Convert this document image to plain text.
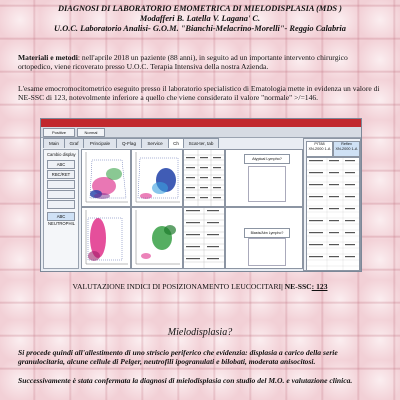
DIAGNOSI DI LABORATORIO EMOMETRICA DI MIELODISPLASIA (MDS )
Modafferi B. Latella V. Lagana' C.
U.O.C. Laboratorio Analisi- G.O.M. "Bianchi-Melacrino-Morelli"- Reggio Calabria
Materiali e metodi: nell'aprile 2018 un paziente (88 anni), in seguito ad un importante intervento chirurgico ortopedico, viene ricoverato presso U.O.C. Terapia Intensiva della nostra Azienda.
L'esame emocromocitometrico eseguito presso il laboratorio specialistico di Ematologia mette in evidenza un valore di NE-SSC di 123, notevolmente inferiore a quello che viene considerato il valore "normale" >/=146.
Positive	Normal
Main	Graf	Principale	Q-Flag	Service	Ch	Scat-ter, tab
Cambio display
ABC
RBC/RET
ABC NEUTROPHIL
Atypical Lympho?
Blasts/Abn Lympho?
PIT88
XN-2000 1-A
Reflex
XN-2000 1-A
VALUTAZIONE INDICI DI POSIZIONAMENTO LEUCOCITARI| NE-SSC: 123
Mielodisplasia?
Si procede quindi all'allestimento di uno striscio periferico che evidenzia: displasia a carico della serie granulocitaria, alcune cellule di Pelger, neutrofili ipogranulati e bilobati, moderata anisocitosi.
Successivamente è stata confermata la diagnosi di mielodisplasia con studio del M.O. e valutazione clinica.
